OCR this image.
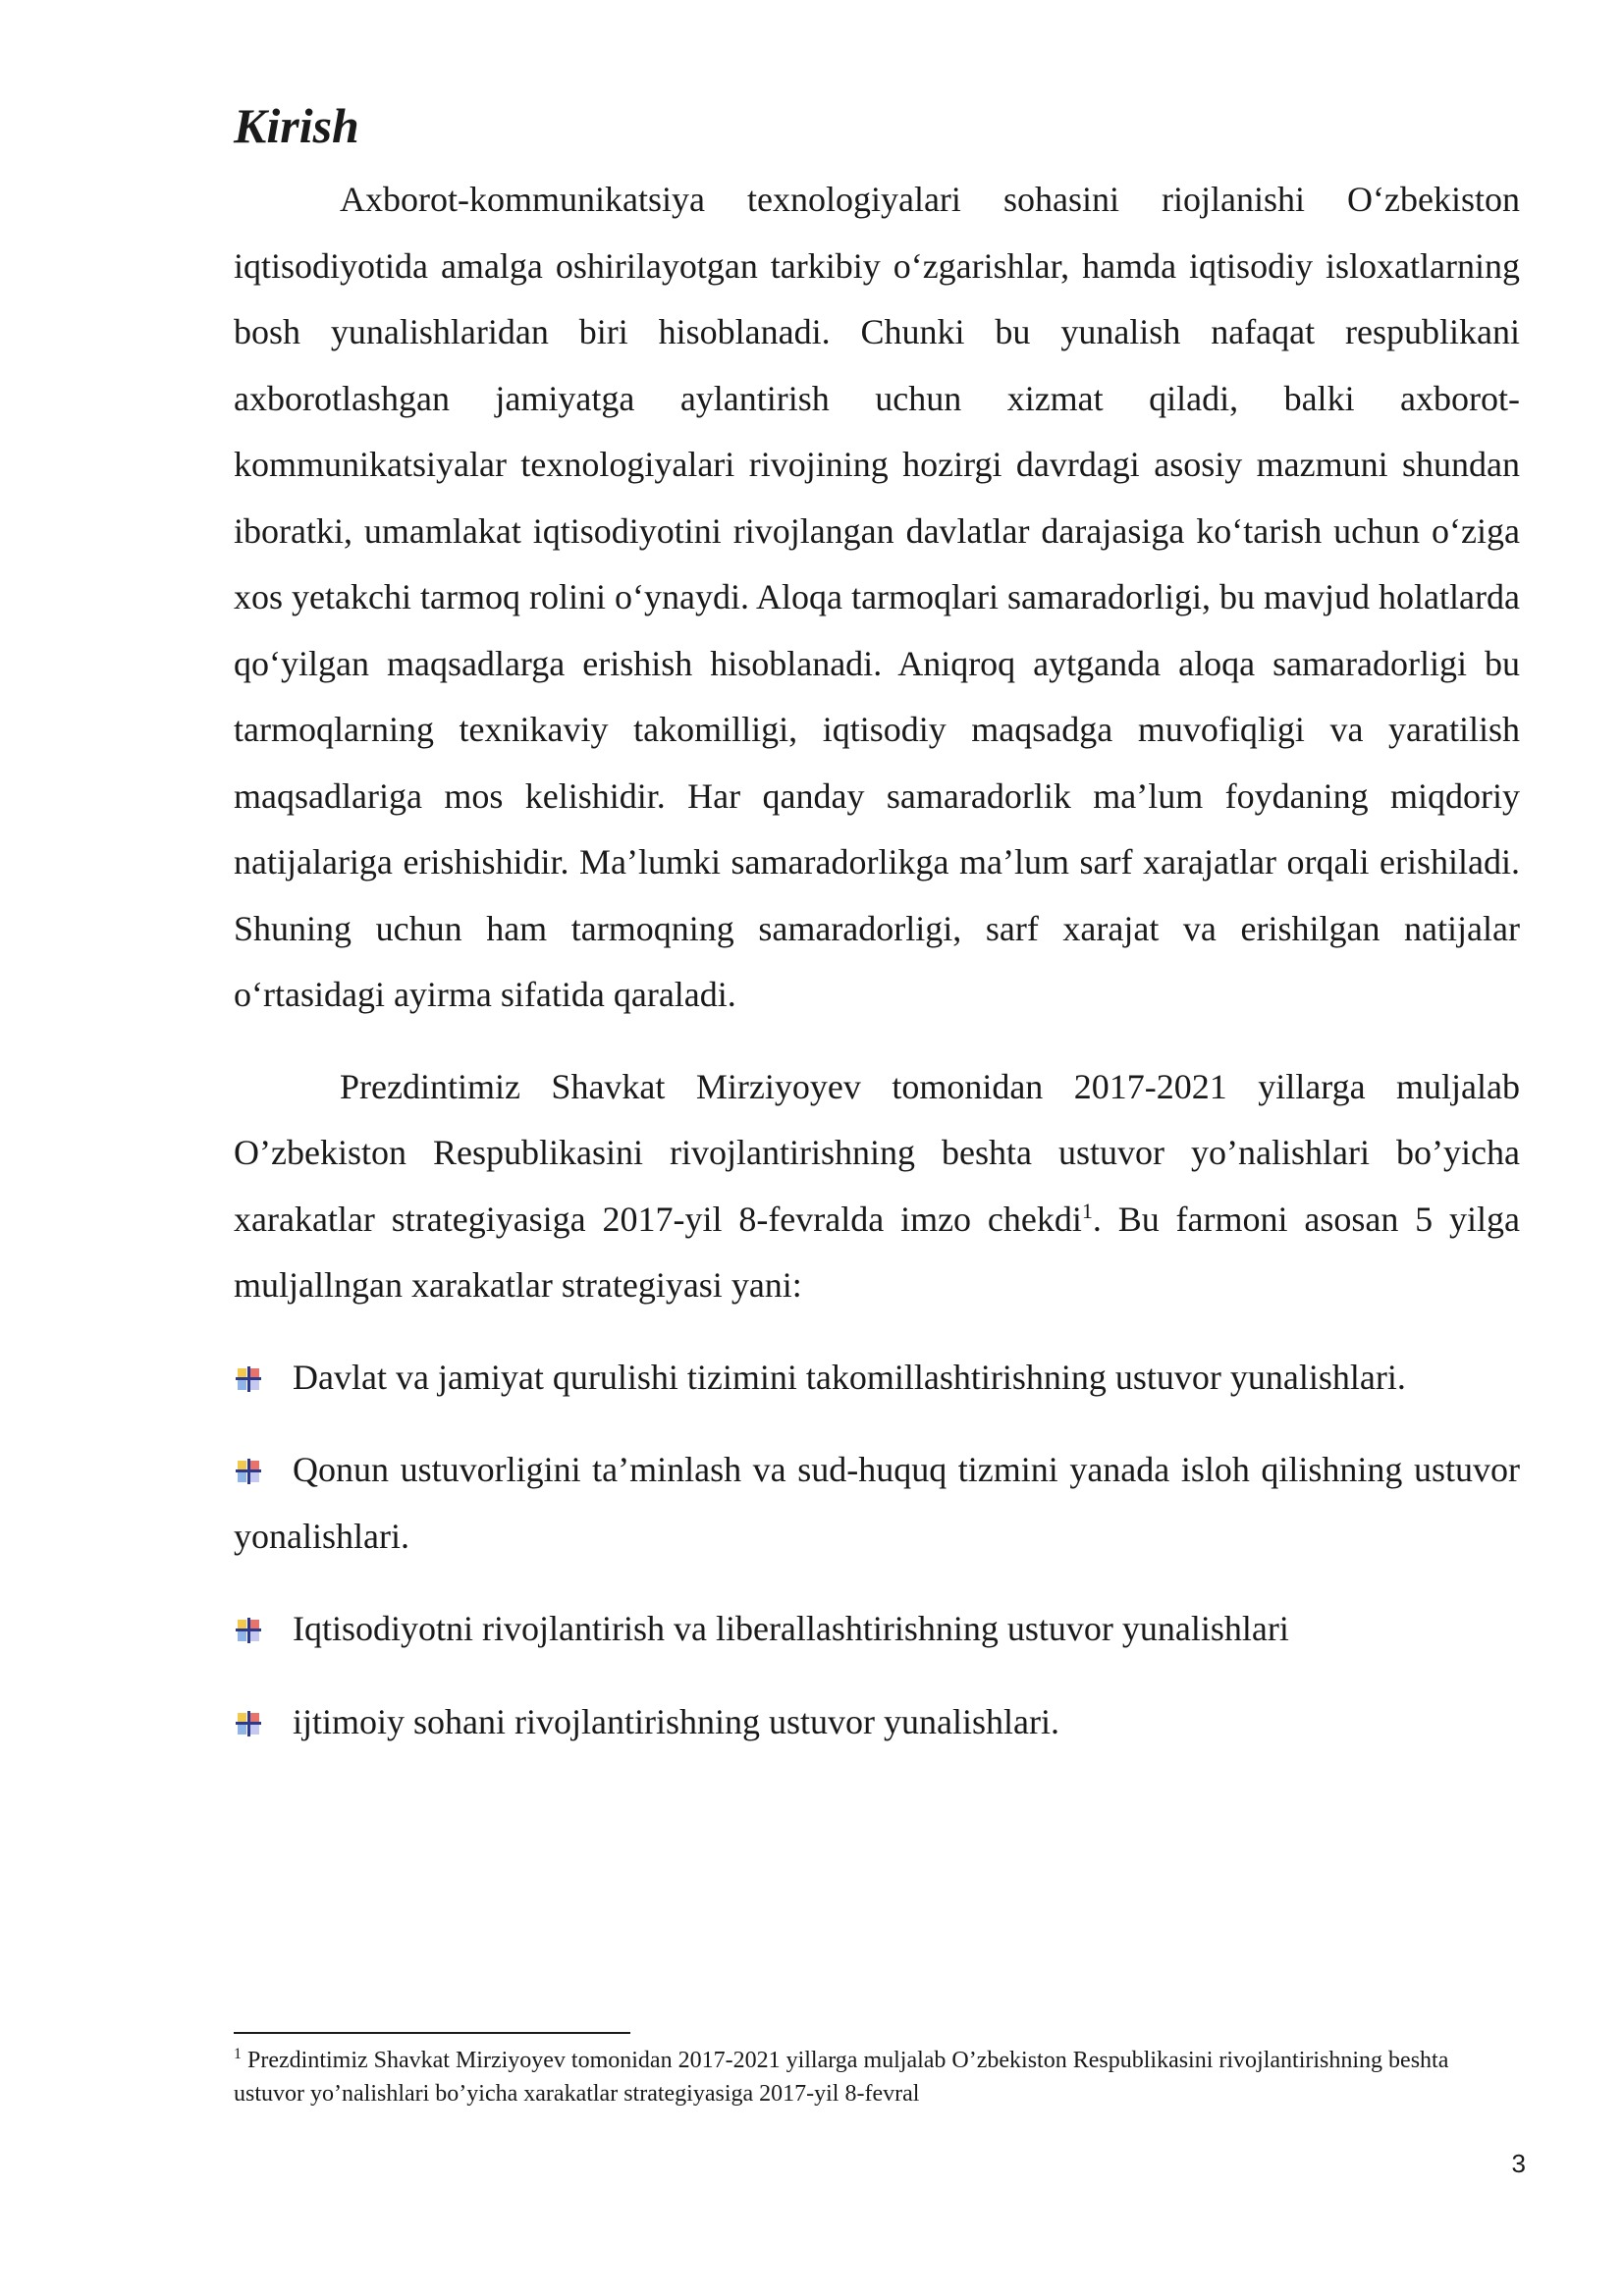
Kirish

Axborot-kommunikatsiya texnologiyalari sohasini riojlanishi O‘zbekiston iqtisodiyotida amalga oshirilayotgan tarkibiy o‘zgarishlar, hamda iqtisodiy isloxatlarning bosh yunalishlaridan biri hisoblanadi. Chunki bu yunalish nafaqat respublikani axborotlashgan jamiyatga aylantirish uchun xizmat qiladi, balki axborot- kommunikatsiyalar texnologiyalari rivojining hozirgi davrdagi asosiy mazmuni shundan iboratki, umamlakat iqtisodiyotini rivojlangan davlatlar darajasiga ko‘tarish uchun o‘ziga xos yetakchi tarmoq rolini o‘ynaydi. Aloqa tarmoqlari samaradorligi, bu mavjud holatlarda qo‘yilgan maqsadlarga erishish hisoblanadi. Aniqroq aytganda aloqa samaradorligi bu tarmoqlarning texnikaviy takomilligi, iqtisodiy maqsadga muvofiqligi va yaratilish maqsadlariga mos kelishidir. Har qanday samaradorlik ma’lum foydaning miqdoriy natijalariga erishishidir. Ma’lumki samaradorlikga ma’lum sarf xarajatlar orqali erishiladi. Shuning uchun ham tarmoqning samaradorligi, sarf xarajat va erishilgan natijalar o‘rtasidagi ayirma sifatida qaraladi.

Prezdintimiz Shavkat Mirziyoyev tomonidan 2017-2021 yillarga muljalab O’zbekiston Respublikasini rivojlantirishning beshta ustuvor yo’nalishlari bo’yicha xarakatlar strategiyasiga 2017-yil 8-fevralda imzo chekdi$^1$. Bu farmoni asosan 5 yilga muljallngan xarakatlar strategiyasi yani:

Davlat va jamiyat qurulishi tizimini takomillashtirishning ustuvor yunalishlari.
Qonun ustuvorligini ta’minlash va sud-huquq tizmini yanada isloh qilishning ustuvor yonalishlari.
Iqtisodiyotni rivojlantirish va liberallashtirishning ustuvor yunalishlari
ijtimoiy sohani rivojlantirishning ustuvor yunalishlari.

$^1$ Prezdintimiz Shavkat Mirziyoyev tomonidan 2017-2021 yillarga muljalab O’zbekiston Respublikasini rivojlantirishning beshta ustuvor yo’nalishlari bo’yicha xarakatlar strategiyasiga 2017-yil 8-fevral

3
